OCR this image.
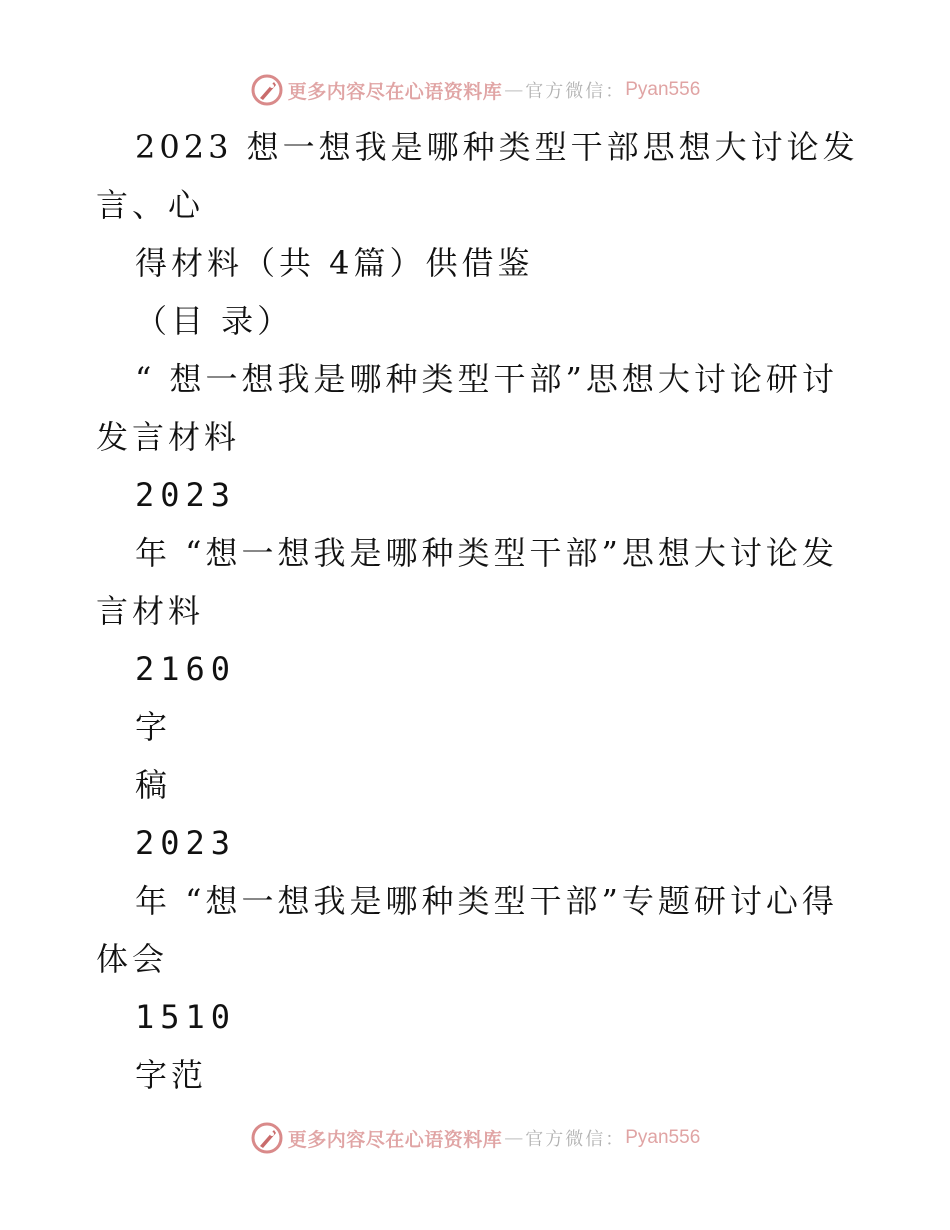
更多内容尽在心语资料库 — 官方微信： Pyan556
2023 想一想我是哪种类型干部思想大讨论发
言、心
得材料（共 4篇）供借鉴
（目 录）
“ 想一想我是哪种类型干部”思想大讨论研讨
发言材料
2023
年 “想一想我是哪种类型干部”思想大讨论发
言材料
2160
字
稿
2023
年 “想一想我是哪种类型干部”专题研讨心得
体会
1510
字范
更多内容尽在心语资料库 — 官方微信： Pyan556
